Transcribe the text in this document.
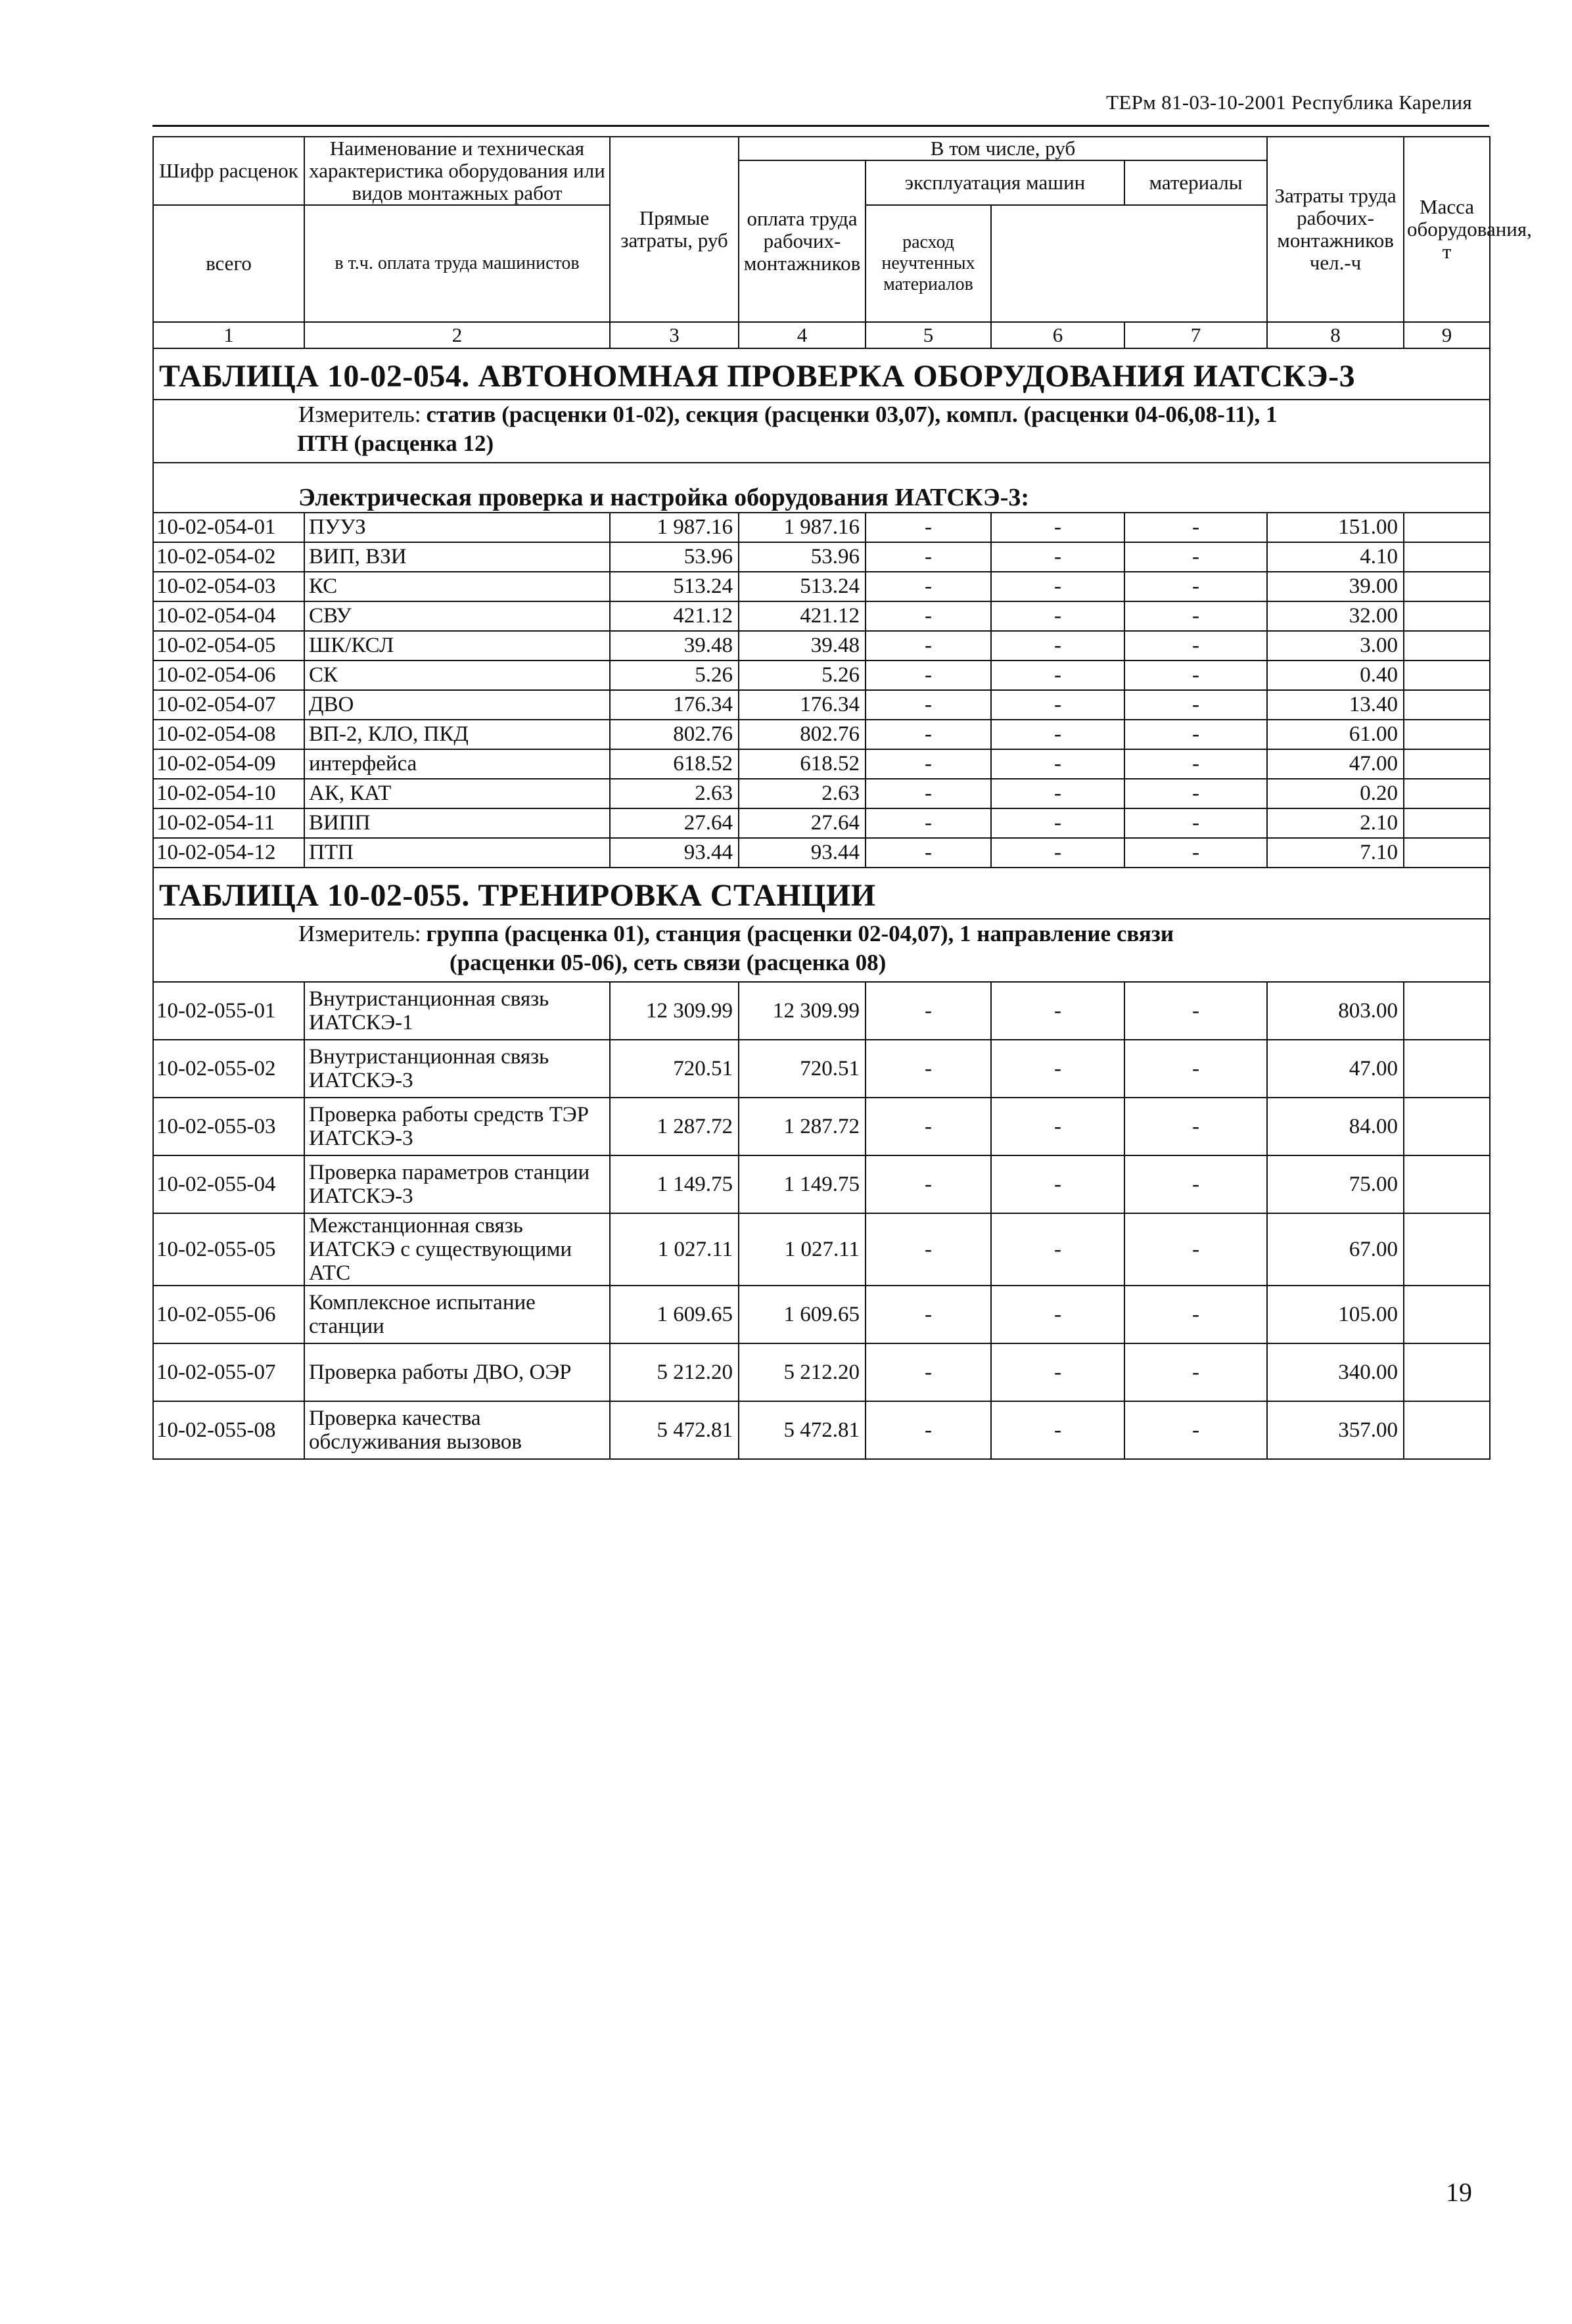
ТЕРм 81-03-10-2001 Республика Карелия
Шифр расценок	Наименование и техническая характеристика оборудования или видов монтажных работ	Прямые затраты, руб	В том числе, руб				Затраты труда рабочих-монтажников чел.-ч	Масса оборудования, т	
			оплата труда рабочих-монтажников	эксплуатация машин		материалы			

всего	в т.ч. оплата труда машинистов			расход неучтенных материалов					

1	2	3	4	5	6	7	8	9	
ТАБЛИЦА 10-02-054. АВТОНОМНАЯ ПРОВЕРКА ОБОРУДОВАНИЯ ИАТСКЭ-3									
Измеритель: статив (расценки 01-02), секция (расценки 03,07), компл. (расценки 04-06,08-11), 1
ПТН (расценка 12)									
Электрическая проверка и настройка оборудования ИАТСКЭ-3:									
10-02-054-01	ПУУЗ	1 987.16	1 987.16	-	-	-	151.00		
10-02-054-02	ВИП, ВЗИ	53.96	53.96	-	-	-	4.10		
10-02-054-03	КС	513.24	513.24	-	-	-	39.00		
10-02-054-04	СВУ	421.12	421.12	-	-	-	32.00		
10-02-054-05	ШК/КСЛ	39.48	39.48	-	-	-	3.00		
10-02-054-06	СК	5.26	5.26	-	-	-	0.40		
10-02-054-07	ДВО	176.34	176.34	-	-	-	13.40		
10-02-054-08	ВП-2, КЛО, ПКД	802.76	802.76	-	-	-	61.00		
10-02-054-09	интерфейса	618.52	618.52	-	-	-	47.00		
10-02-054-10	АК, КАТ	2.63	2.63	-	-	-	0.20		
10-02-054-11	ВИПП	27.64	27.64	-	-	-	2.10		
10-02-054-12	ПТП	93.44	93.44	-	-	-	7.10		
ТАБЛИЦА 10-02-055. ТРЕНИРОВКА СТАНЦИИ									
Измеритель: группа (расценка 01), станция (расценки 02-04,07), 1 направление связи
(расценки 05-06), сеть связи (расценка 08)									
10-02-055-01	Внутристанционная связь ИАТСКЭ-1	12 309.99	12 309.99	-	-	-	803.00		
10-02-055-02	Внутристанционная связь ИАТСКЭ-3	720.51	720.51	-	-	-	47.00		
10-02-055-03	Проверка работы средств ТЭР ИАТСКЭ-3	1 287.72	1 287.72	-	-	-	84.00		
10-02-055-04	Проверка параметров станции ИАТСКЭ-3	1 149.75	1 149.75	-	-	-	75.00		
10-02-055-05	Межстанционная связь ИАТСКЭ с существующими АТС	1 027.11	1 027.11	-	-	-	67.00		
10-02-055-06	Комплексное испытание станции	1 609.65	1 609.65	-	-	-	105.00		
10-02-055-07	Проверка работы ДВО, ОЭР	5 212.20	5 212.20	-	-	-	340.00		
10-02-055-08	Проверка качества обслуживания вызовов	5 472.81	5 472.81	-	-	-	357.00		
19
